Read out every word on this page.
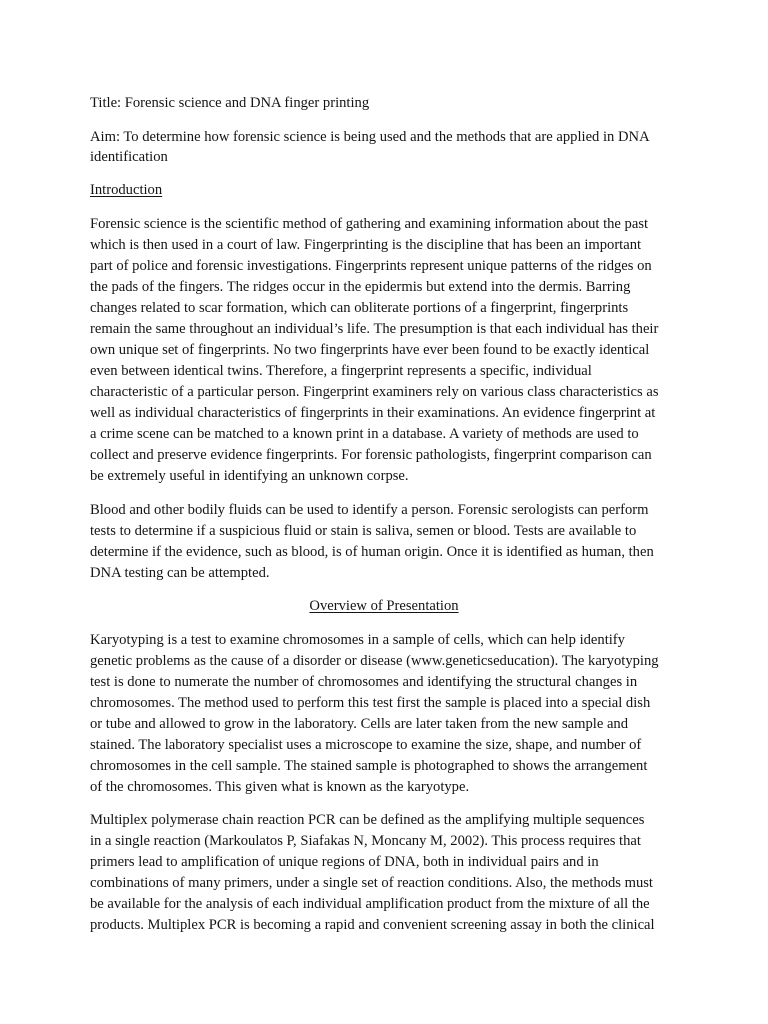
Title: Forensic science and DNA finger printing
Aim: To determine how forensic science is being used and the methods that are applied in DNA
identification
Introduction
Forensic science is the scientific method of gathering and examining information about the past
which is then used in a court of law. Fingerprinting is the discipline that has been an important
part of police and forensic investigations. Fingerprints represent unique patterns of the ridges on
the pads of the fingers. The ridges occur in the epidermis but extend into the dermis. Barring
changes related to scar formation, which can obliterate portions of a fingerprint, fingerprints
remain the same throughout an individual’s life. The presumption is that each individual has their
own unique set of fingerprints. No two fingerprints have ever been found to be exactly identical
even between identical twins. Therefore, a fingerprint represents a specific, individual
characteristic of a particular person. Fingerprint examiners rely on various class characteristics as
well as individual characteristics of fingerprints in their examinations. An evidence fingerprint at
a crime scene can be matched to a known print in a database. A variety of methods are used to
collect and preserve evidence fingerprints. For forensic pathologists, fingerprint comparison can
be extremely useful in identifying an unknown corpse.
Blood and other bodily fluids can be used to identify a person. Forensic serologists can perform
tests to determine if a suspicious fluid or stain is saliva, semen or blood. Tests are available to
determine if the evidence, such as blood, is of human origin. Once it is identified as human, then
DNA testing can be attempted.
Overview of Presentation
Karyotyping is a test to examine chromosomes in a sample of cells, which can help identify
genetic problems as the cause of a disorder or disease (www.geneticseducation). The karyotyping
test is done to numerate the number of chromosomes and identifying the structural changes in
chromosomes. The method used to perform this test first the sample is placed into a special dish
or tube and allowed to grow in the laboratory. Cells are later taken from the new sample and
stained. The laboratory specialist uses a microscope to examine the size, shape, and number of
chromosomes in the cell sample. The stained sample is photographed to shows the arrangement
of the chromosomes. This given what is known as the karyotype.
Multiplex polymerase chain reaction PCR can be defined as the amplifying multiple sequences
in a single reaction (Markoulatos P, Siafakas N, Moncany M, 2002). This process requires that
primers lead to amplification of unique regions of DNA, both in individual pairs and in
combinations of many primers, under a single set of reaction conditions. Also, the methods must
be available for the analysis of each individual amplification product from the mixture of all the
products. Multiplex PCR is becoming a rapid and convenient screening assay in both the clinical
